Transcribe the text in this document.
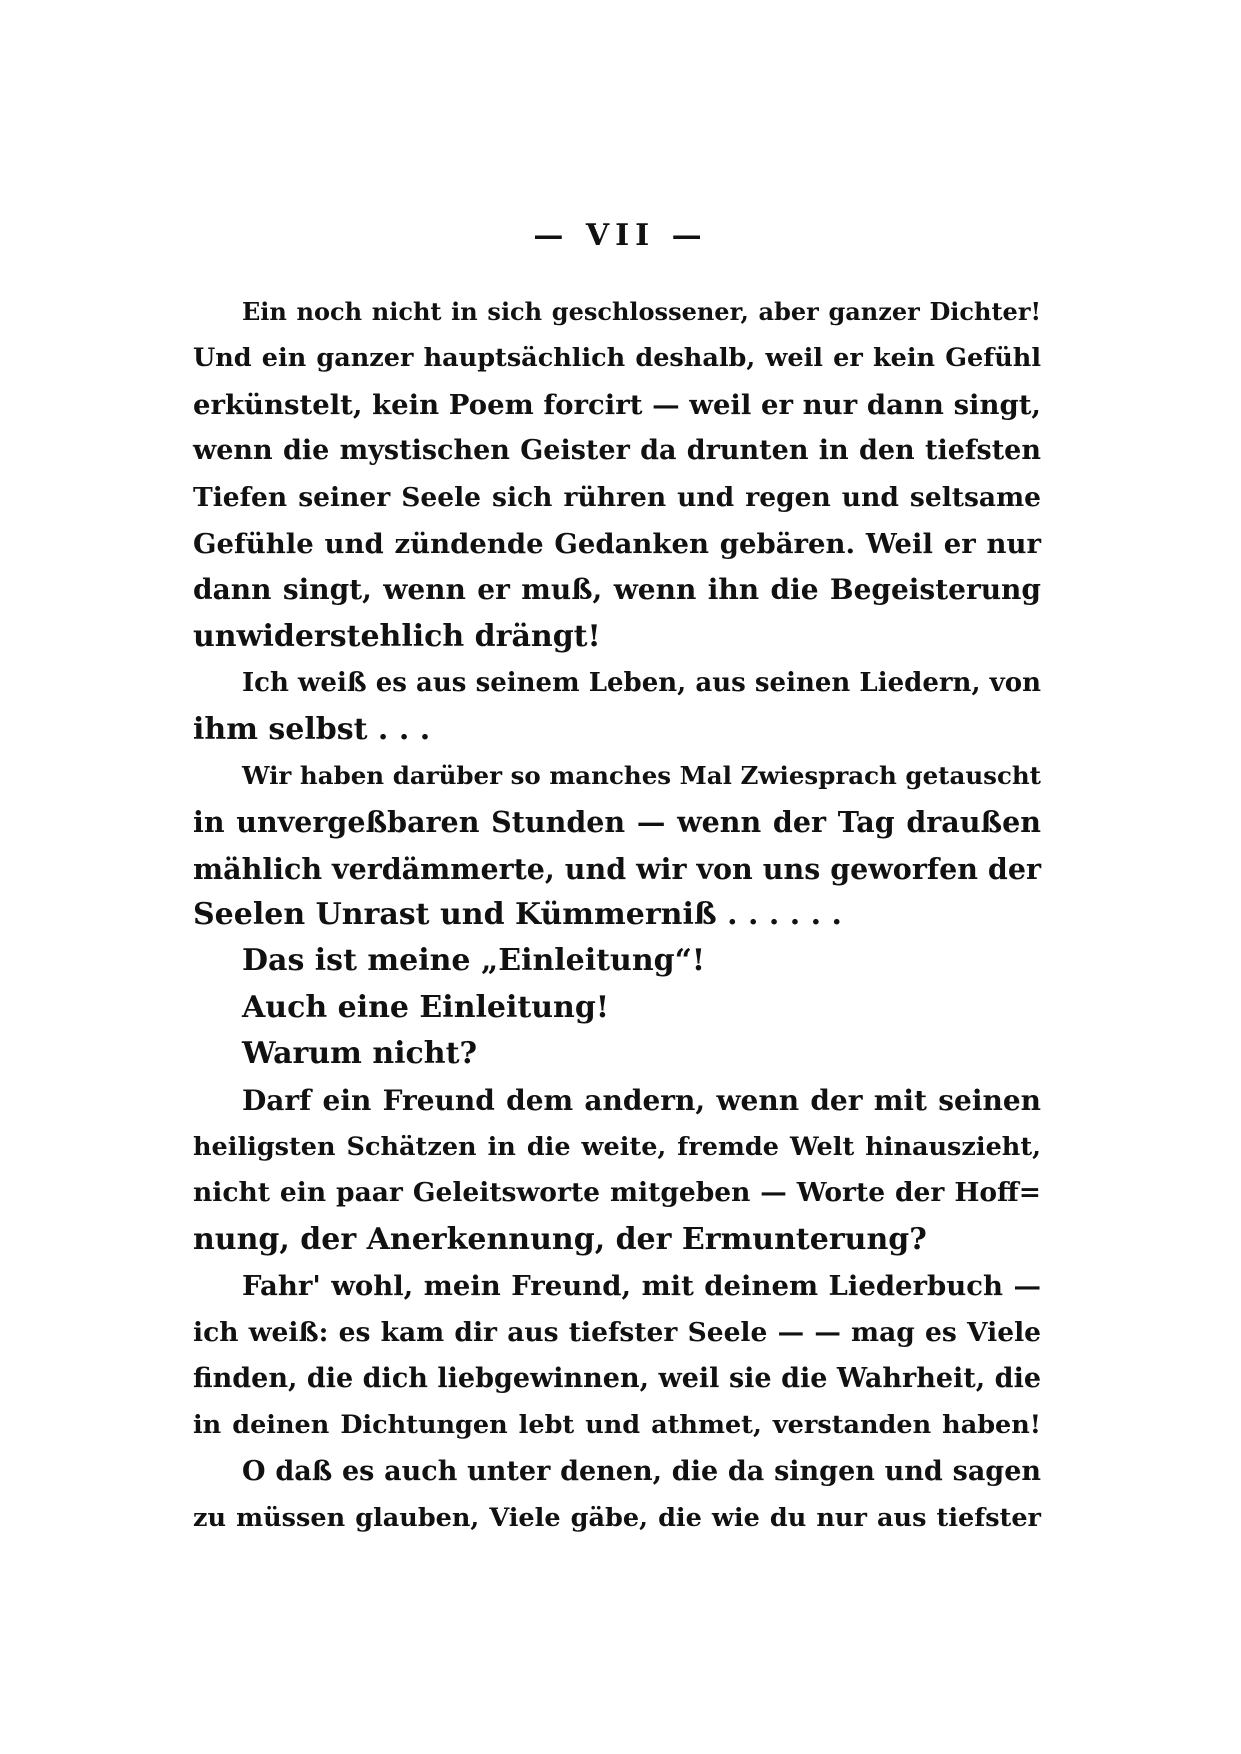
— VII —
Ein noch nicht in sich geschlossener, aber ganzer Dichter!
Und ein ganzer hauptsächlich deshalb, weil er kein Gefühl
erkünstelt, kein Poem forcirt — weil er nur dann singt,
wenn die mystischen Geister da drunten in den tiefsten
Tiefen seiner Seele sich rühren und regen und seltsame
Gefühle und zündende Gedanken gebären. Weil er nur
dann singt, wenn er muß, wenn ihn die Begeisterung
unwiderstehlich drängt!
Ich weiß es aus seinem Leben, aus seinen Liedern, von
ihm selbst . . .
Wir haben darüber so manches Mal Zwiesprach getauscht
in unvergeßbaren Stunden — wenn der Tag draußen
mählich verdämmerte, und wir von uns geworfen der
Seelen Unrast und Kümmerniß . . . . . .
Das ist meine „Einleitung“!
Auch eine Einleitung!
Warum nicht?
Darf ein Freund dem andern, wenn der mit seinen
heiligsten Schätzen in die weite, fremde Welt hinauszieht,
nicht ein paar Geleitsworte mitgeben — Worte der Hoff=
nung, der Anerkennung, der Ermunterung?
Fahr' wohl, mein Freund, mit deinem Liederbuch —
ich weiß: es kam dir aus tiefster Seele — — mag es Viele
finden, die dich liebgewinnen, weil sie die Wahrheit, die
in deinen Dichtungen lebt und athmet, verstanden haben!
O daß es auch unter denen, die da singen und sagen
zu müssen glauben, Viele gäbe, die wie du nur aus tiefster
